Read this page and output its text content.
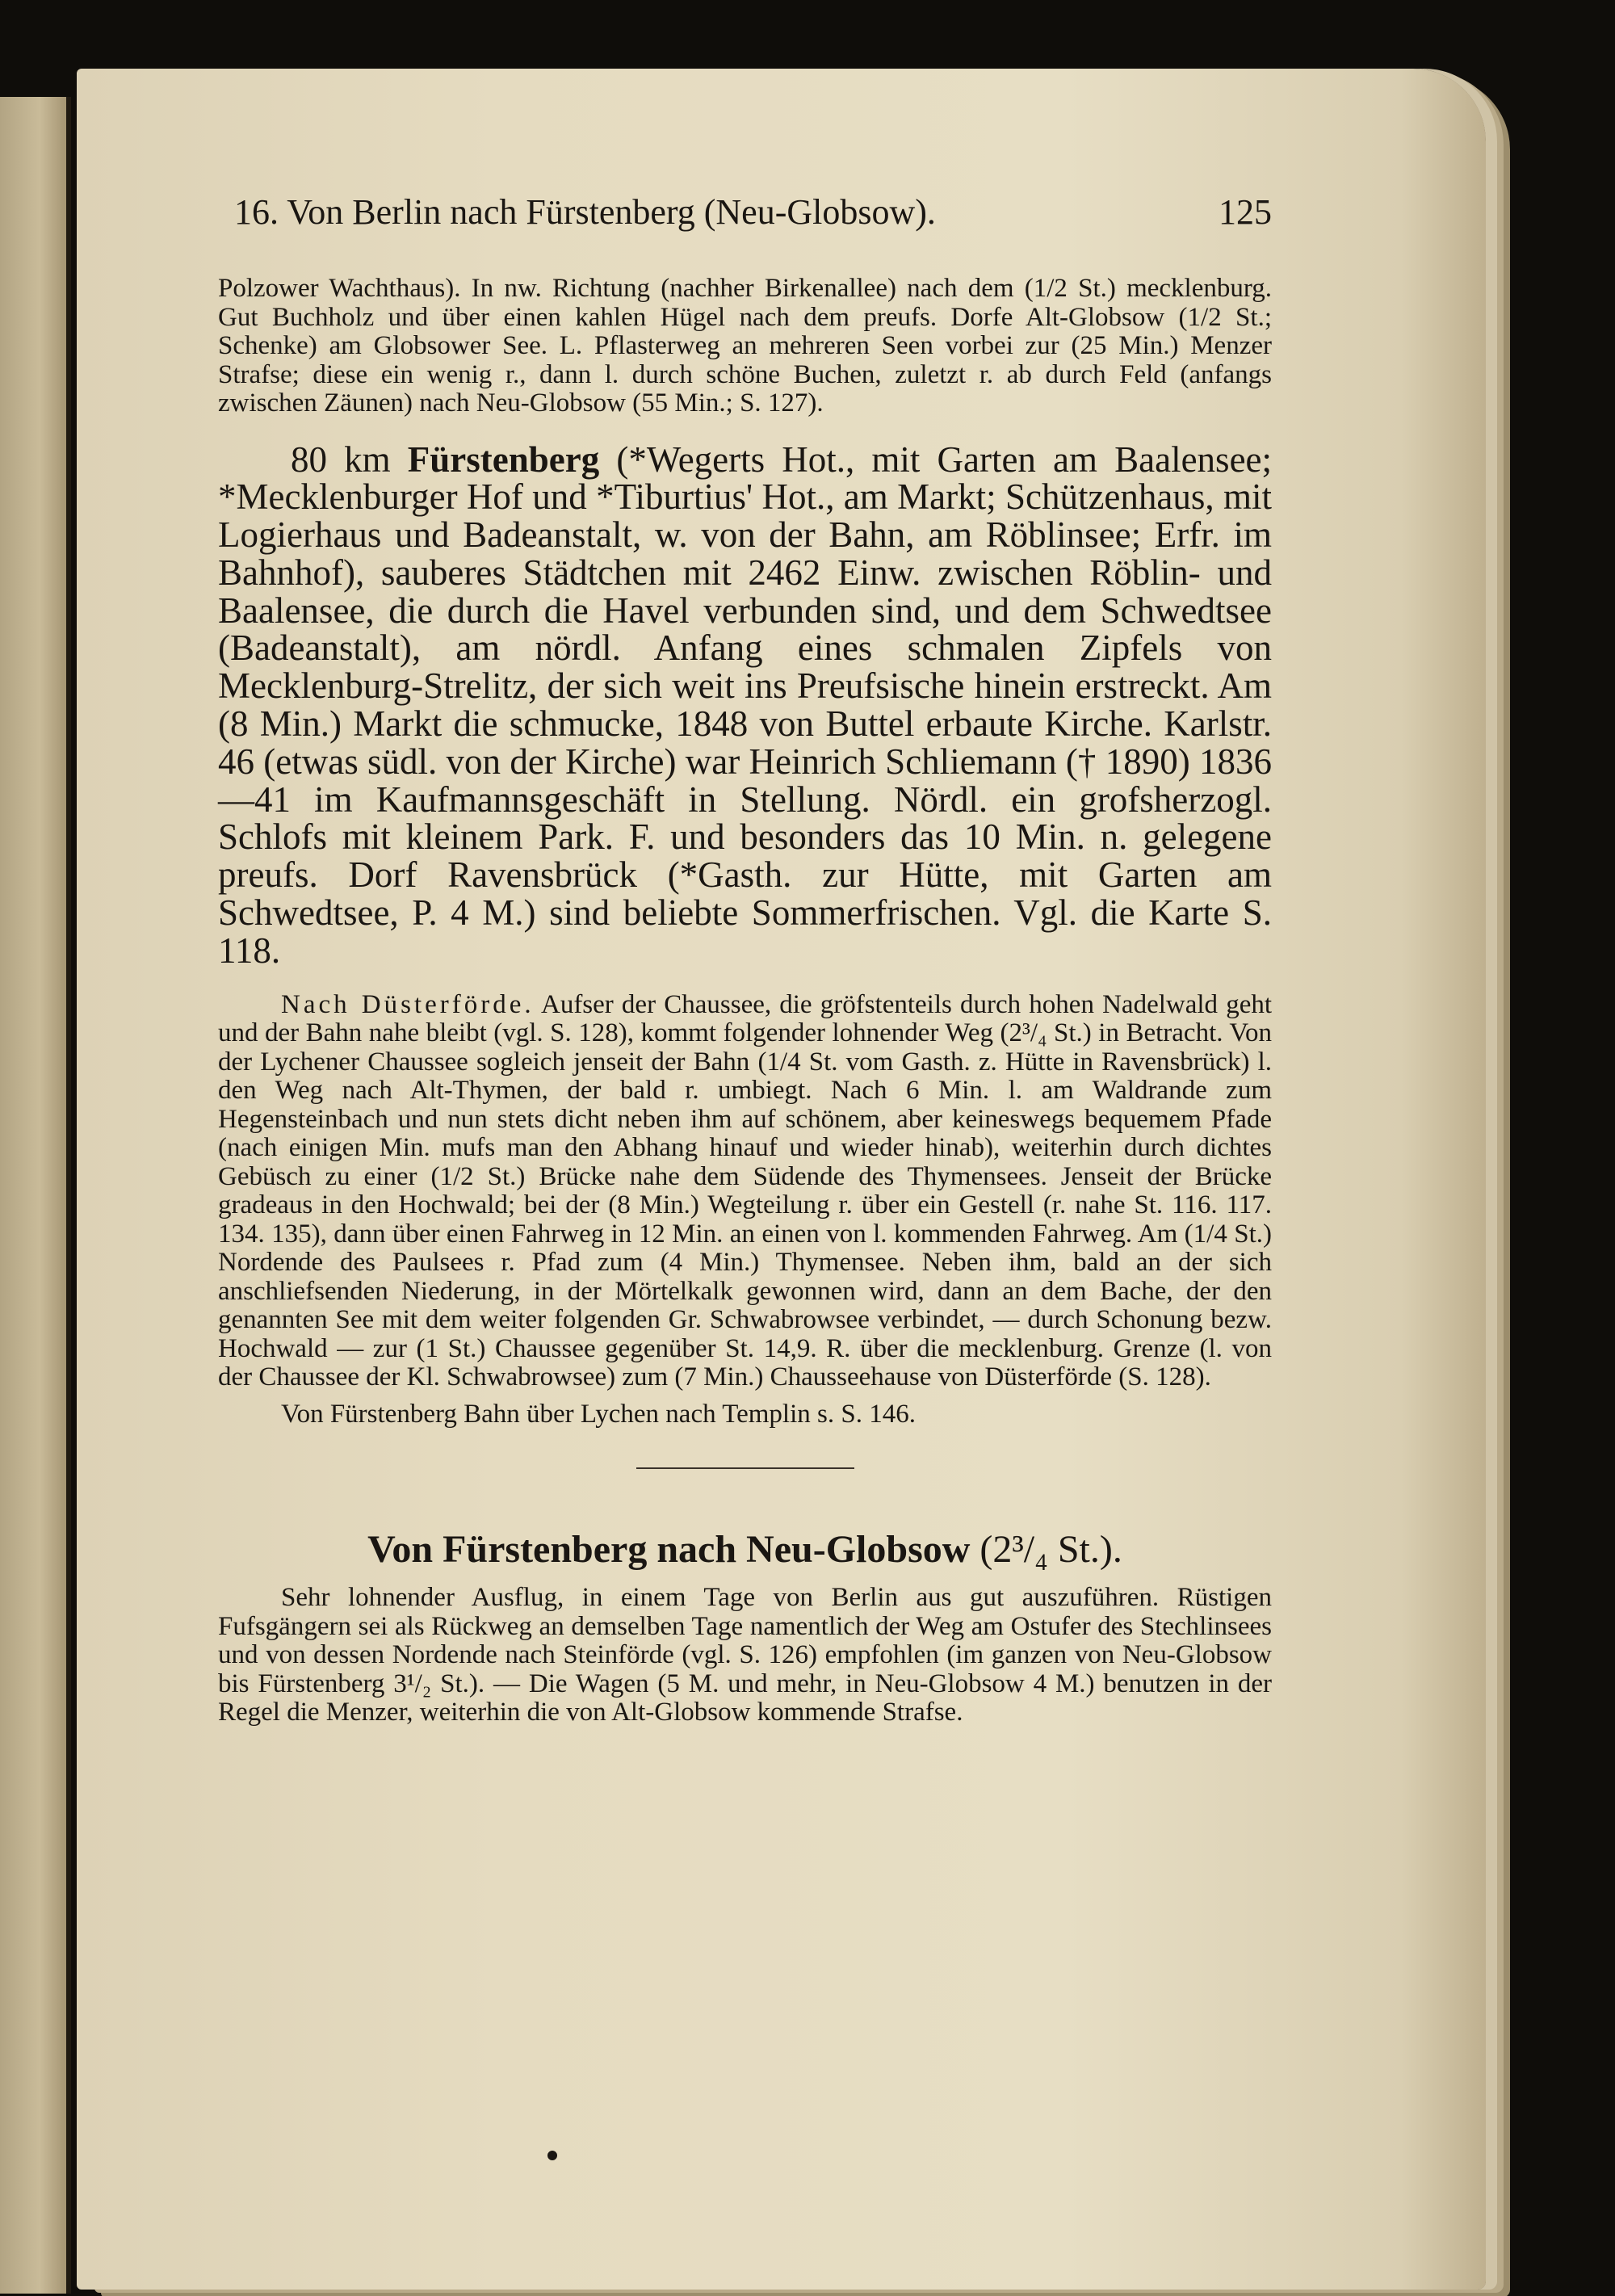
16. Von Berlin nach Fürstenberg (Neu-Globsow).	125

Polzower Wachthaus). In nw. Richtung (nachher Birkenallee) nach dem (1/2 St.) mecklenburg. Gut Buchholz und über einen kahlen Hügel nach dem preufs. Dorfe Alt-Globsow (1/2 St.; Schenke) am Globsower See. L. Pflasterweg an mehreren Seen vorbei zur (25 Min.) Menzer Strafse; diese ein wenig r., dann l. durch schöne Buchen, zuletzt r. ab durch Feld (anfangs zwischen Zäunen) nach Neu-Globsow (55 Min.; S. 127).

80 km Fürstenberg (*Wegerts Hot., mit Garten am Baalensee; *Mecklenburger Hof und *Tiburtius' Hot., am Markt; Schützenhaus, mit Logierhaus und Badeanstalt, w. von der Bahn, am Röblinsee; Erfr. im Bahnhof), sauberes Städtchen mit 2462 Einw. zwischen Röblin- und Baalensee, die durch die Havel verbunden sind, und dem Schwedtsee (Badeanstalt), am nördl. Anfang eines schmalen Zipfels von Mecklenburg-Strelitz, der sich weit ins Preufsische hinein erstreckt. Am (8 Min.) Markt die schmucke, 1848 von Buttel erbaute Kirche. Karlstr. 46 (etwas südl. von der Kirche) war Heinrich Schliemann († 1890) 1836—41 im Kaufmannsgeschäft in Stellung. Nördl. ein grofsherzogl. Schlofs mit kleinem Park. F. und besonders das 10 Min. n. gelegene preufs. Dorf Ravensbrück (*Gasth. zur Hütte, mit Garten am Schwedtsee, P. 4 M.) sind beliebte Sommerfrischen. Vgl. die Karte S. 118.

Nach Düsterförde. Aufser der Chaussee, die gröfstenteils durch hohen Nadelwald geht und der Bahn nahe bleibt (vgl. S. 128), kommt folgender lohnender Weg (2³/₄ St.) in Betracht. Von der Lychener Chaussee sogleich jenseit der Bahn (1/4 St. vom Gasth. z. Hütte in Ravensbrück) l. den Weg nach Alt-Thymen, der bald r. umbiegt. Nach 6 Min. l. am Waldrande zum Hegensteinbach und nun stets dicht neben ihm auf schönem, aber keineswegs bequemem Pfade (nach einigen Min. mufs man den Abhang hinauf und wieder hinab), weiterhin durch dichtes Gebüsch zu einer (1/2 St.) Brücke nahe dem Südende des Thymensees. Jenseit der Brücke gradeaus in den Hochwald; bei der (8 Min.) Wegteilung r. über ein Gestell (r. nahe St. 116. 117. 134. 135), dann über einen Fahrweg in 12 Min. an einen von l. kommenden Fahrweg. Am (1/4 St.) Nordende des Paulsees r. Pfad zum (4 Min.) Thymensee. Neben ihm, bald an der sich anschliefsenden Niederung, in der Mörtelkalk gewonnen wird, dann an dem Bache, der den genannten See mit dem weiter folgenden Gr. Schwabrowsee verbindet, — durch Schonung bezw. Hochwald — zur (1 St.) Chaussee gegenüber St. 14,9. R. über die mecklenburg. Grenze (l. von der Chaussee der Kl. Schwabrowsee) zum (7 Min.) Chausseehause von Düsterförde (S. 128).

Von Fürstenberg Bahn über Lychen nach Templin s. S. 146.

Von Fürstenberg nach Neu-Globsow (2³/₄ St.).

Sehr lohnender Ausflug, in einem Tage von Berlin aus gut auszuführen. Rüstigen Fufsgängern sei als Rückweg an demselben Tage namentlich der Weg am Ostufer des Stechlinsees und von dessen Nordende nach Steinförde (vgl. S. 126) empfohlen (im ganzen von Neu-Globsow bis Fürstenberg 3¹/₂ St.). — Die Wagen (5 M. und mehr, in Neu-Globsow 4 M.) benutzen in der Regel die Menzer, weiterhin die von Alt-Globsow kommende Strafse.
